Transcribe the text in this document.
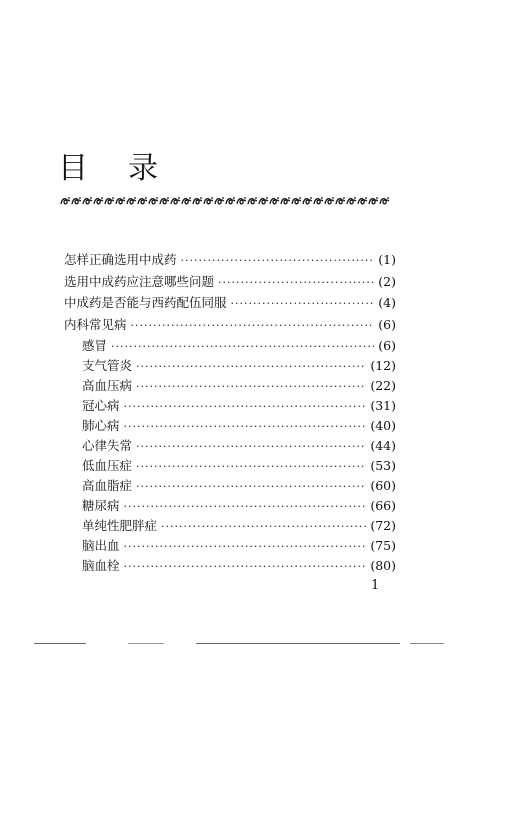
目 录
怎样正确选用中成药 ·····	(1)
选用中成药应注意哪些问题 ·····	(2)
中成药是否能与西药配伍同服 ·····	(4)
内科常见病 ·····	(6)
感冒 ·····	(6)
支气管炎 ·····	(12)
高血压病 ·····	(22)
冠心病 ·····	(31)
肺心病 ·····	(40)
心律失常 ·····	(44)
低血压症 ·····	(53)
高血脂症 ·····	(60)
糖尿病 ·····	(66)
单纯性肥胖症 ·····	(72)
脑出血 ·····	(75)
脑血栓 ·····	(80)
1
